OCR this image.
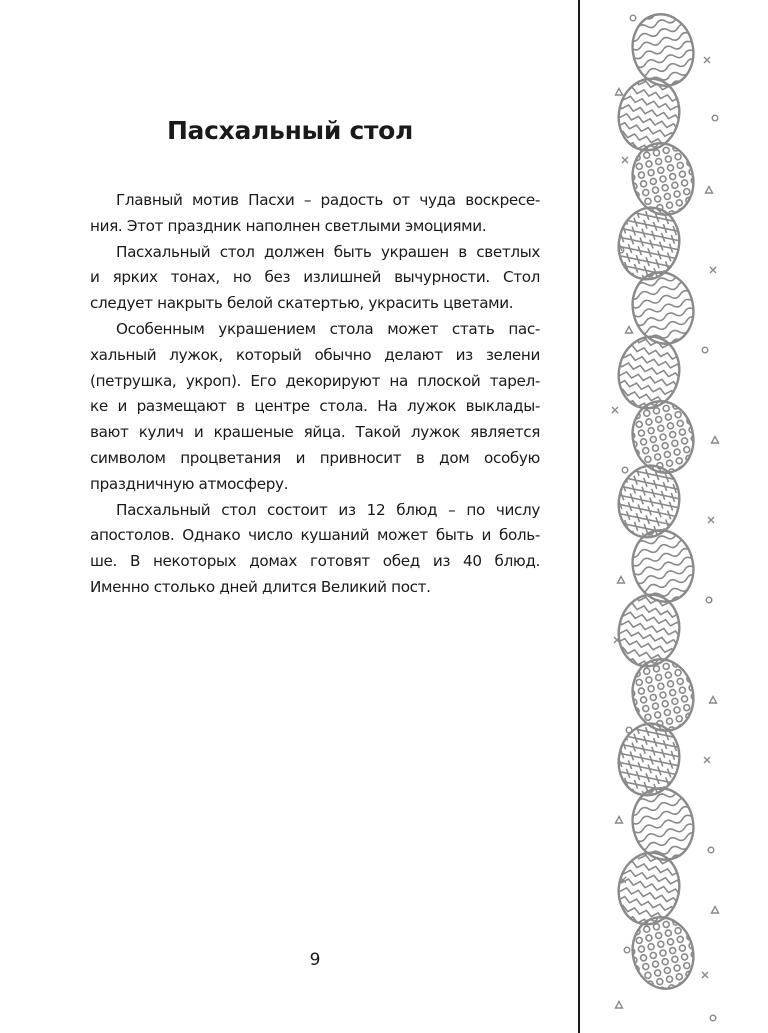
Пасхальный стол
Главный мотив Пасхи – радость от чуда воскресе-
ния. Этот праздник наполнен светлыми эмоциями.
Пасхальный стол должен быть украшен в светлых
и ярких тонах, но без излишней вычурности. Стол
следует накрыть белой скатертью, украсить цветами.
Особенным украшением стола может стать пас-
хальный лужок, который обычно делают из зелени
(петрушка, укроп). Его декорируют на плоской тарел-
ке и размещают в центре стола. На лужок выклады-
вают кулич и крашеные яйца. Такой лужок является
символом процветания и привносит в дом особую
праздничную атмосферу.
Пасхальный стол состоит из 12 блюд – по числу
апостолов. Однако число кушаний может быть и боль-
ше. В некоторых домах готовят обед из 40 блюд.
Именно столько дней длится Великий пост.
9
